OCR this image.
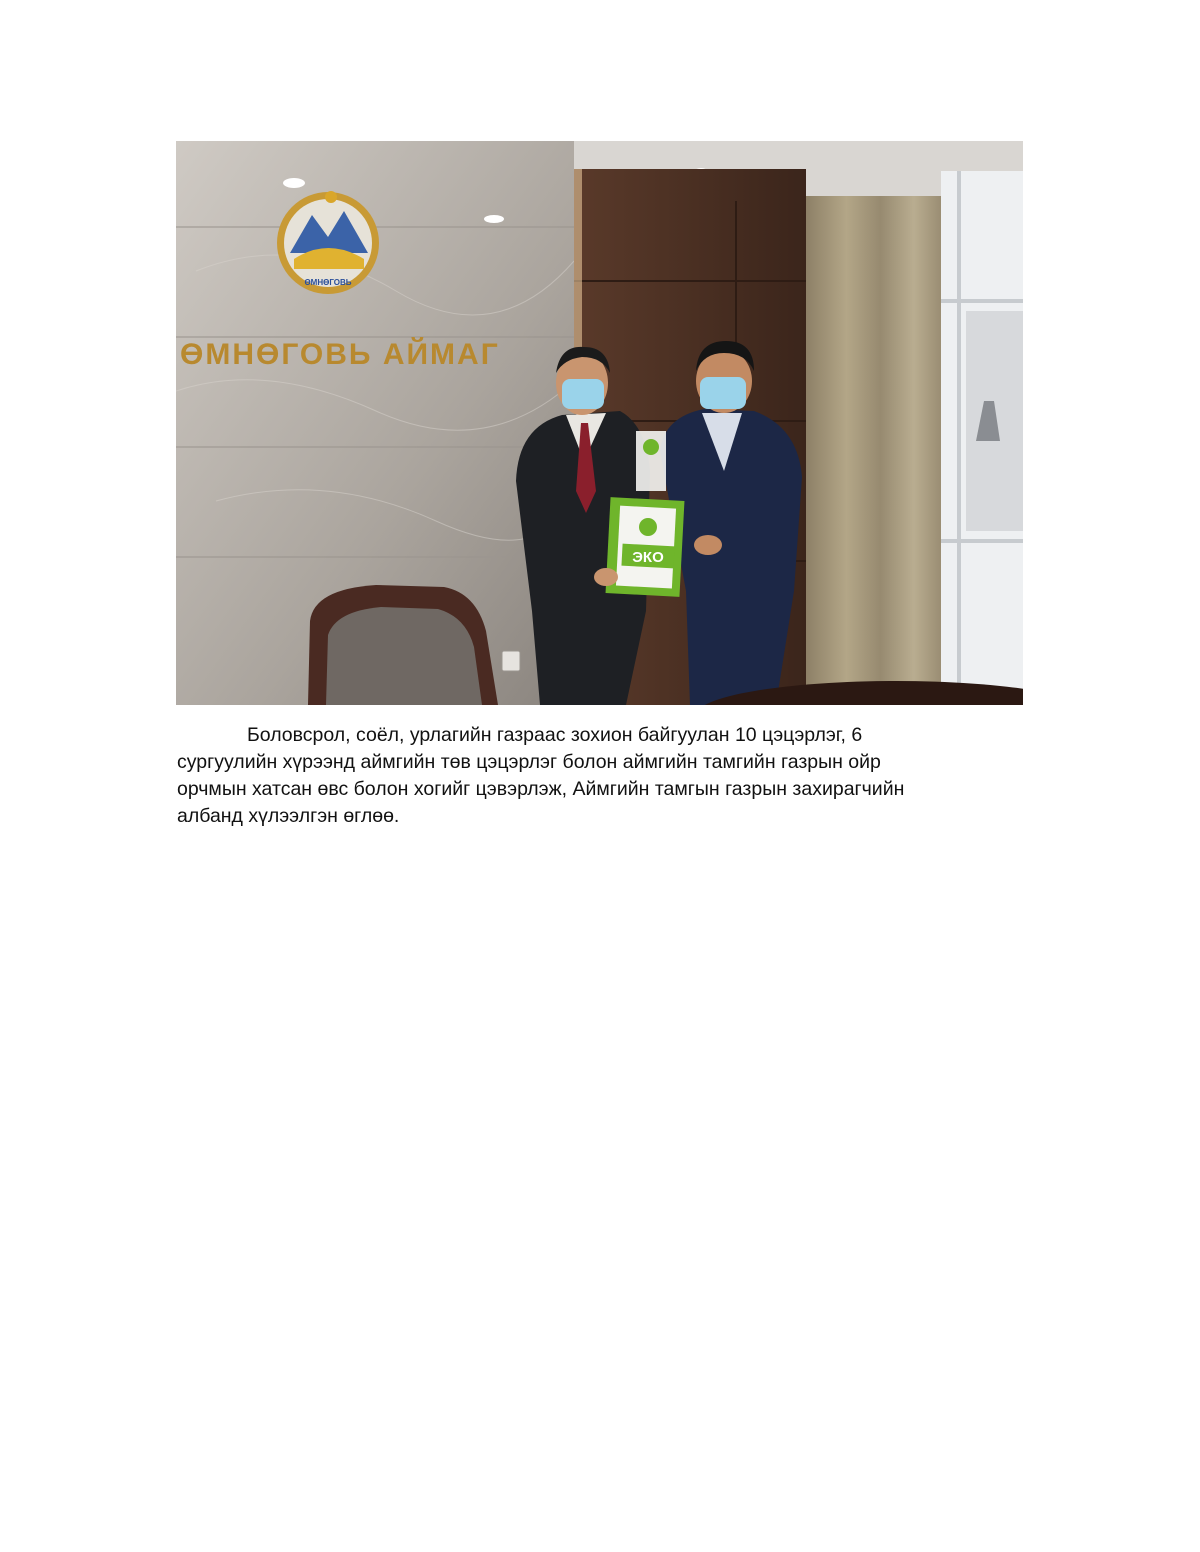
ӨМНӨГОВЬ
ӨМНӨГОВЬ АЙМАГ
ЭКО

Боловсрол, соёл, урлагийн газраас зохион байгуулан 10 цэцэрлэг, 6
сургуулийн хүрээнд аймгийн төв цэцэрлэг болон аймгийн тамгийн газрын ойр
орчмын хатсан өвс болон хогийг цэвэрлэж, Аймгийн тамгын газрын захирагчийн
албанд хүлээлгэн өглөө.
